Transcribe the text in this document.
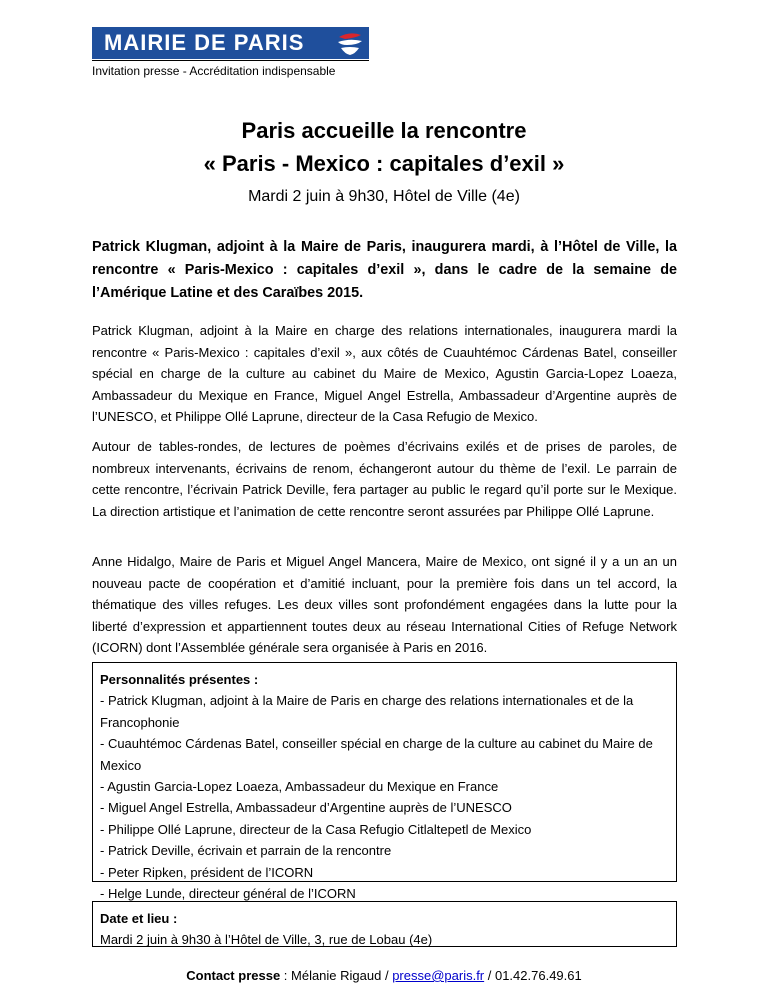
MAIRIE DE PARIS
Invitation presse - Accréditation indispensable
Paris accueille la rencontre
« Paris - Mexico : capitales d’exil »
Mardi 2 juin à 9h30, Hôtel de Ville (4e)
Patrick Klugman, adjoint à la Maire de Paris, inaugurera mardi, à l’Hôtel de Ville, la rencontre « Paris-Mexico : capitales d’exil », dans le cadre de la semaine de l’Amérique Latine et des Caraïbes 2015.
Patrick Klugman, adjoint à la Maire en charge des relations internationales, inaugurera mardi la rencontre « Paris-Mexico : capitales d’exil », aux côtés de Cuauhtémoc Cárdenas Batel, conseiller spécial en charge de la culture au cabinet du Maire de Mexico, Agustin Garcia-Lopez Loaeza, Ambassadeur du Mexique en France, Miguel Angel Estrella, Ambassadeur d’Argentine auprès de l’UNESCO, et Philippe Ollé Laprune, directeur de la Casa Refugio de Mexico.
Autour de tables-rondes, de lectures de poèmes d’écrivains exilés et de prises de paroles, de nombreux intervenants, écrivains de renom, échangeront autour du thème de l’exil. Le parrain de cette rencontre, l’écrivain Patrick Deville, fera partager au public le regard qu’il porte sur le Mexique. La direction artistique et l’animation de cette rencontre seront assurées par Philippe Ollé Laprune.
Anne Hidalgo, Maire de Paris et Miguel Angel Mancera, Maire de Mexico, ont signé il y a un an un nouveau pacte de coopération et d’amitié incluant, pour la première fois dans un tel accord, la thématique des villes refuges. Les deux villes sont profondément engagées dans la lutte pour la liberté d’expression et appartiennent toutes deux au réseau International Cities of Refuge Network (ICORN) dont l’Assemblée générale sera organisée à Paris en 2016.
Personnalités présentes :
- Patrick Klugman, adjoint à la Maire de Paris en charge des relations internationales et de la Francophonie
- Cuauhtémoc Cárdenas Batel, conseiller spécial en charge de la culture au cabinet du Maire de Mexico
- Agustin Garcia-Lopez Loaeza, Ambassadeur du Mexique en France
- Miguel Angel Estrella, Ambassadeur d’Argentine auprès de l’UNESCO
- Philippe Ollé Laprune, directeur de la Casa Refugio Citlaltepetl de Mexico
- Patrick Deville, écrivain et parrain de la rencontre
- Peter Ripken, président de l’ICORN
- Helge Lunde, directeur général de l’ICORN
Date et lieu :
Mardi 2 juin à 9h30 à l’Hôtel de Ville, 3, rue de Lobau (4e)
Contact presse : Mélanie Rigaud / presse@paris.fr / 01.42.76.49.61
